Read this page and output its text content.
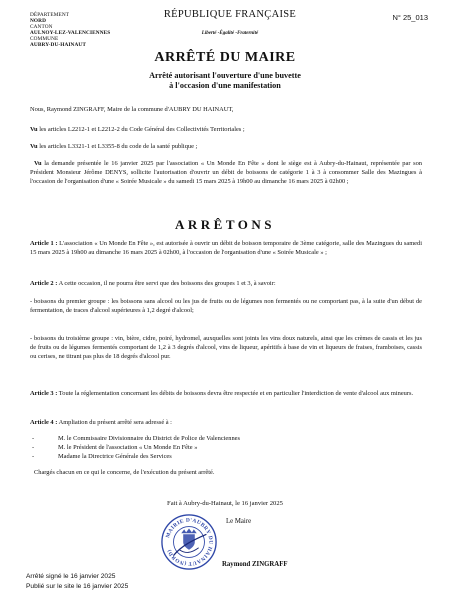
DÉPARTEMENT
NORD
CANTON
AULNOY-LEZ-VALENCIENNES
COMMUNE
AUBRY-DU-HAINAUT
RÉPUBLIQUE FRANÇAISE
Liberté -Égalité -Fraternité
N° 25_013
ARRÊTÉ DU MAIRE
Arrêté autorisant l'ouverture d'une buvette
à l'occasion d'une manifestation
Nous, Raymond ZINGRAFF, Maire de la commune d'AUBRY DU HAINAUT,
Vu les articles L2212-1 et L2212-2 du Code Général des Collectivités Territoriales ;
Vu les articles L3321-1 et L3355-8 du code de la santé publique ;
Vu la demande présentée le 16 janvier 2025 par l'association « Un Monde En Fête » dont le siège est à Aubry-du-Hainaut, représentée par son Président Monsieur Jérôme DENYS, sollicite l'autorisation d'ouvrir un débit de boissons de catégorie 1 à 3 à consommer Salle des Mazingues à l'occasion de l'organisation d'une « Soirée Musicale » du samedi 15 mars 2025 à 19h00 au dimanche 16 mars 2025 à 02h00 ;
ARRÊTONS
Article 1 : L'association « Un Monde En Fête », est autorisée à ouvrir un débit de boisson temporaire de 3ème catégorie, salle des Mazingues du samedi 15 mars 2025 à 19h00 au dimanche 16 mars 2025 à 02h00, à l'occasion de l'organisation d'une « Soirée Musicale » ;
Article 2 : A cette occasion, il ne pourra être servi que des boissons des groupes 1 et 3, à savoir:
- boissons du premier groupe : les boissons sans alcool ou les jus de fruits ou de légumes non fermentés ou ne comportant pas, à la suite d'un début de fermentation, de traces d'alcool supérieures à 1,2 degré d'alcool;
- boissons du troisième groupe : vin, bière, cidre, poiré, hydromel, auxquelles sont joints les vins doux naturels, ainsi que les crèmes de cassis et les jus de fruits ou de légumes fermentés comportant de 1,2 à 3 degrés d'alcool, vins de liqueur, apéritifs à base de vin et liqueurs de fraises, framboises, cassis ou cerises, ne titrant pas plus de 18 degrés d'alcool pur.
Article 3 : Toute la réglementation concernant les débits de boissons devra être respectée et en particulier l'interdiction de vente d'alcool aux mineurs.
Article 4 : Ampliation du présent arrêté sera adressé à :
- M. le Commissaire Divisionnaire du District de Police de Valenciennes
- M. le Président de l'association « Un Monde En Fête »
- Madame la Directrice Générale des Services
Chargés chacun en ce qui le concerne, de l'exécution du présent arrêté.
Fait à Aubry-du-Hainaut, le 16 janvier 2025
MAIRIE D'AUBRY DU HAINAUT (NORD)
Le Maire
Raymond ZINGRAFF
Arrêté signé le 16 janvier 2025
Publié sur le site le 16 janvier 2025
